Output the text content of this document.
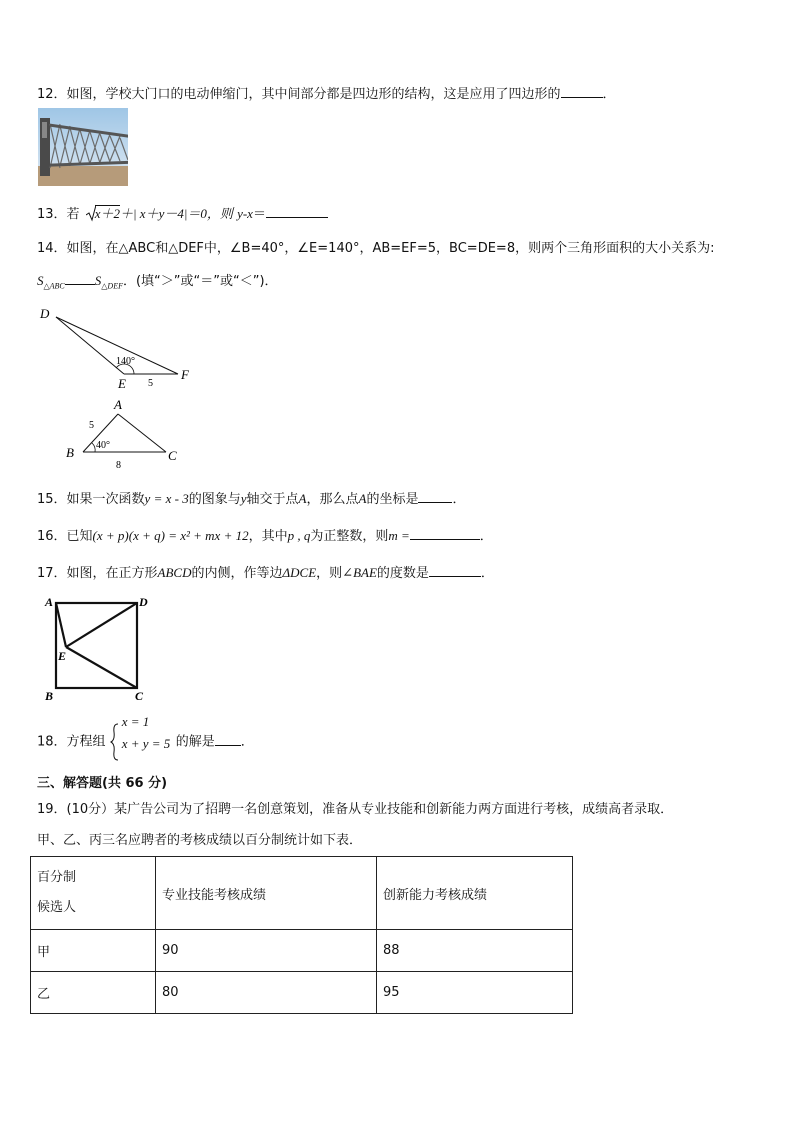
12．如图，学校大门口的电动伸缩门，其中间部分都是四边形的结构，这是应用了四边形的	．
电动伸缩门
13．若 x＋2＋| x＋y－4|＝0，则 y-x＝
14．如图，在△ABC和△DEF中，∠B=40°，∠E=140°，AB=EF=5，BC=DE=8，则两个三角形面积的大小关系为:
$S_{\triangle ABC}$ $S_{\triangle DEF}$．(填“＞”或“＝”或“＜”)．
D
E
F
140°
5
A
B	C
40°
5
8
15．如果一次函数y = x - 3的图象与y轴交于点A，那么点A的坐标是	．
16．已知(x + p)(x + q) = x² + mx + 12，其中p , q为正整数，则m =	．
17．如图，在正方形ABCD的内侧，作等边ΔDCE，则∠BAE的度数是	．
A	D
E
B	C
18．方程组
x = 1
x + y = 5 的解是 ．
三、解答题(共 66 分)
19．(10分）某广告公司为了招聘一名创意策划，准备从专业技能和创新能力两方面进行考核，成绩高者录取．
甲、乙、丙三名应聘者的考核成绩以百分制统计如下表．
百分制
候选人	专业技能考核成绩	创新能力考核成绩
甲	90	88
乙	80	95
